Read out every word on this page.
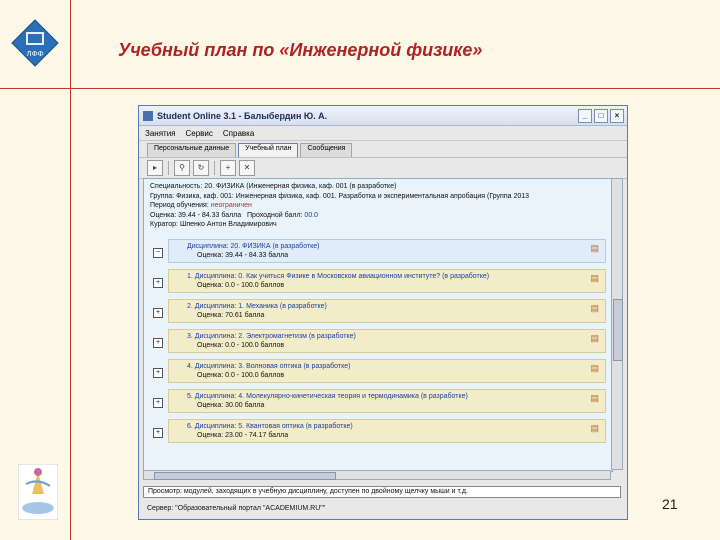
ЛФФ	Учебный план по «Инженерной физике»
21
Student Online 3.1 - Балыбердин Ю. А.	_	□	×
Занятия Сервис Справка
Персональные данные	Учебный план	Сообщения
▸	⚲	↻	+	✕
Специальность: 20. ФИЗИКА (Инженерная физика, каф. 001 (в разработке)
Группа: Физика, каф. 001: Инженерная физика, каф. 001. Разработка и экспериментальная апробация (Группа 2013
Период обучения: неограничен
Оценка: 39.44 - 84.33 балла Проходной балл: 00.0
Куратор: Шпенко Антон Владимирович
−
Дисциплина: 20. ФИЗИКА (в разработке)
Оценка: 39.44 - 84.33 балла
▤
+
1. Дисциплина: 0. Как учиться Физике в Московском авиационном институте? (в разработке)
Оценка: 0.0 - 100.0 баллов
▤
+
2. Дисциплина: 1. Механика (в разработке)
Оценка: 70.61 балла
▤
+
3. Дисциплина: 2. Электромагнетизм (в разработке)
Оценка: 0.0 - 100.0 баллов
▤
+
4. Дисциплина: 3. Волновая оптика (в разработке)
Оценка: 0.0 - 100.0 баллов
▤
+
5. Дисциплина: 4. Молекулярно-кинетическая теория и термодинамика (в разработке)
Оценка: 30.00 балла
▤
+
6. Дисциплина: 5. Квантовая оптика (в разработке)
Оценка: 23.00 - 74.17 балла
▤
Просмотр: модулей, заходящих в учебную дисциплину, доступен по двойному щелчку мыши и т.д.
Сервер: "Образовательный портал "ACADEMIUM.RU""
